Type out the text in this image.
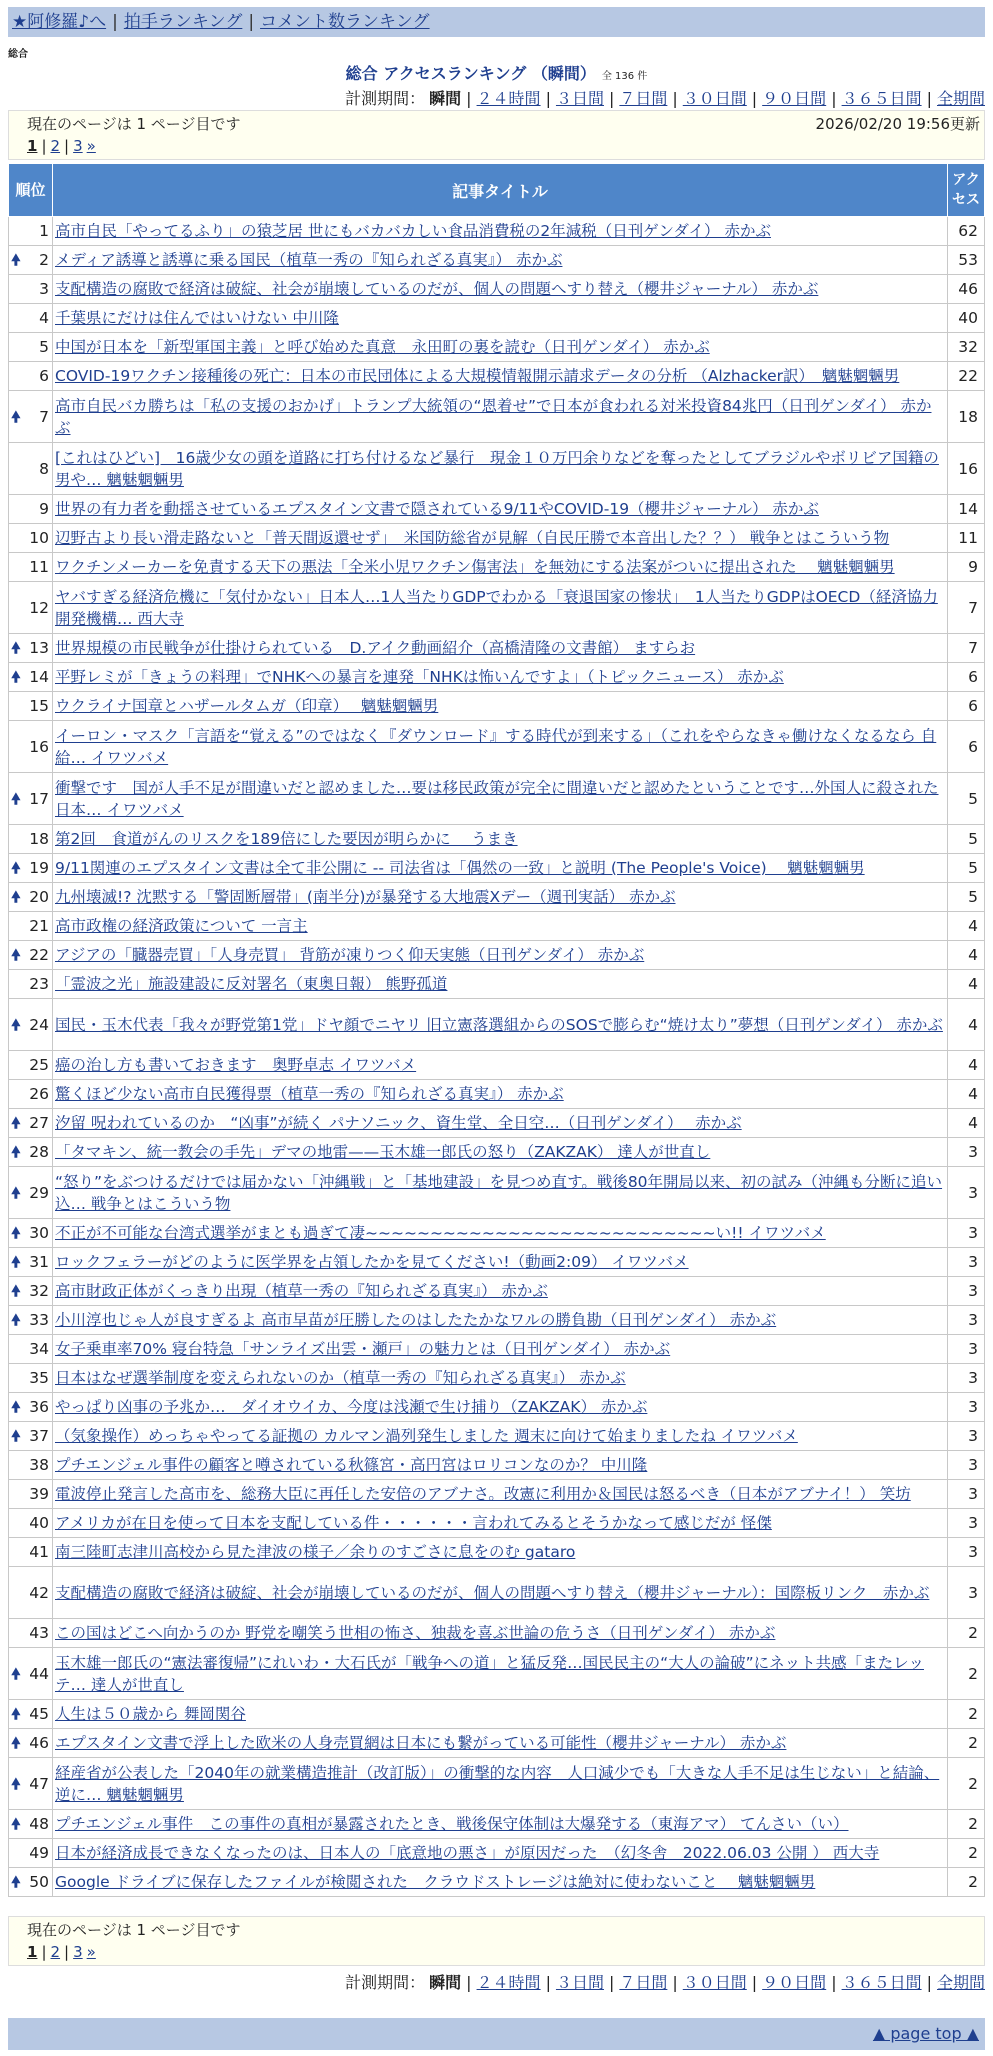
★阿修羅♪へ | 拍手ランキング | コメント数ランキング
総合
総合 アクセスランキング （瞬間） 全 136 件
計測期間： 瞬間 | ２４時間 | ３日間 | ７日間 | ３０日間 | ９０日間 | ３６５日間 | 全期間
現在のページは 1 ページ目です	2026/02/20 19:56更新
1 | 2 | 3 »
順位	記事タイトル	アクセス
1	高市自民「やってるふり」の猿芝居 世にもバカバカしい食品消費税の2年減税（日刊ゲンダイ） 赤かぶ	62

🠝 2	メディア誘導と誘導に乗る国民（植草一秀の『知られざる真実』） 赤かぶ	53
3	支配構造の腐敗で経済は破綻、社会が崩壊しているのだが、個人の問題へすり替え（櫻井ジャーナル） 赤かぶ	46
4	千葉県にだけは住んではいけない 中川隆	40
5	中国が日本を「新型軍国主義」と呼び始めた真意　永田町の裏を読む（日刊ゲンダイ） 赤かぶ	32
6	COVID-19ワクチン接種後の死亡：日本の市民団体による大規模情報開示請求データの分析 （Alzhacker訳）　魑魅魍魎男	22

🠝 7	高市自民バカ勝ちは「私の支援のおかげ」トランプ大統領の“恩着せ”で日本が食われる対米投資84兆円（日刊ゲンダイ） 赤かぶ	18
8	[これはひどい]　16歳少女の頭を道路に打ち付けるなど暴行　現金１０万円余りなどを奪ったとしてブラジルやボリビア国籍の男や… 魑魅魍魎男	16
9	世界の有力者を動揺させているエプスタイン文書で隠されている9/11やCOVID-19（櫻井ジャーナル） 赤かぶ	14
10	辺野古より長い滑走路ないと「普天間返還せず」　米国防総省が見解（自民圧勝で本音出した？？） 戦争とはこういう物	11
11	ワクチンメーカーを免責する天下の悪法「全米小児ワクチン傷害法」を無効にする法案がついに提出された　 魑魅魍魎男	9
12	ヤバすぎる経済危機に「気付かない」日本人…1人当たりGDPでわかる「衰退国家の惨状」　1人当たりGDPはOECD（経済協力開発機構… 西大寺	7

🠝 13	世界規模の市民戦争が仕掛けられている　D.アイク動画紹介（高橋清隆の文書館） ますらお	7

🠝 14	平野レミが「きょうの料理」でNHKへの暴言を連発「NHKは怖いんですよ」（トピックニュース） 赤かぶ	6
15	ウクライナ国章とハザールタムガ（印章）　 魑魅魍魎男	6
16	イーロン・マスク「言語を“覚える”のではなく『ダウンロード』する時代が到来する」（これをやらなきゃ働けなくなるなら 自給… イワツバメ	6

🠝 17	衝撃です　国が人手不足が間違いだと認めました…要は移民政策が完全に間違いだと認めたということです…外国人に殺された日本… イワツバメ	5
18	第2回　食道がんのリスクを189倍にした要因が明らかに　 うまき	5

🠝 19	9/11関連のエプスタイン文書は全て非公開に -- 司法省は「偶然の一致」と説明 (The People's Voice)　 魑魅魍魎男	5

🠝 20	九州壊滅!? 沈黙する「警固断層帯」(南半分)が暴発する大地震Xデー（週刊実話） 赤かぶ	5
21	高市政権の経済政策について 一言主	4

🠝 22	アジアの「臓器売買」「人身売買」 背筋が凍りつく仰天実態（日刊ゲンダイ） 赤かぶ	4
23	「霊波之光」施設建設に反対署名（東奥日報） 熊野孤道	4

🠝 24	国民・玉木代表「我々が野党第1党」ドヤ顔でニヤリ 旧立憲落選組からのSOSで膨らむ“焼け太り”夢想（日刊ゲンダイ） 赤かぶ	4
25	癌の治し方も書いておきます　奥野卓志 イワツバメ	4
26	驚くほど少ない高市自民獲得票（植草一秀の『知られざる真実』） 赤かぶ	4

🠝 27	汐留 呪われているのか　“凶事”が続く パナソニック、資生堂、全日空…（日刊ゲンダイ）　 赤かぶ	4

🠝 28	「タマキン、統一教会の手先」デマの地雷——玉木雄一郎氏の怒り（ZAKZAK） 達人が世直し	3

🠝 29	“怒り”をぶつけるだけでは届かない「沖縄戦」と「基地建設」を見つめ直す。戦後80年開局以来、初の試み（沖縄も分断に追い込… 戦争とはこういう物	3

🠝 30	不正が不可能な台湾式選挙がまとも過ぎて凄~~~~~~~~~~~~~~~~~~~~~~~~~~~い!! イワツバメ	3

🠝 31	ロックフェラーがどのように医学界を占領したかを見てください!（動画2:09） イワツバメ	3

🠝 32	高市財政正体がくっきり出現（植草一秀の『知られざる真実』） 赤かぶ	3

🠝 33	小川淳也じゃ人が良すぎるよ 高市早苗が圧勝したのはしたたかなワルの勝負勘（日刊ゲンダイ） 赤かぶ	3
34	女子乗車率70% 寝台特急「サンライズ出雲・瀬戸」の魅力とは（日刊ゲンダイ） 赤かぶ	3
35	日本はなぜ選挙制度を変えられないのか（植草一秀の『知られざる真実』） 赤かぶ	3

🠝 36	やっぱり凶事の予兆か…　ダイオウイカ、今度は浅瀬で生け捕り（ZAKZAK） 赤かぶ	3

🠝 37	（気象操作）めっちゃやってる証拠の カルマン渦列発生しました 週末に向けて始まりましたね イワツバメ	3
38	プチエンジェル事件の顧客と噂されている秋篠宮・高円宮はロリコンなのか？ 中川隆	3
39	電波停止発言した高市を、総務大臣に再任した安倍のアブナさ。改憲に利用か＆国民は怒るべき（日本がアブナイ！） 笑坊	3
40	アメリカが在日を使って日本を支配している件・・・・・・言われてみるとそうかなって感じだが 怪傑	3
41	南三陸町志津川高校から見た津波の様子／余りのすごさに息をのむ gataro	3
42	支配構造の腐敗で経済は破綻、社会が崩壊しているのだが、個人の問題へすり替え（櫻井ジャーナル）：国際板リンク　赤かぶ	3
43	この国はどこへ向かうのか 野党を嘲笑う世相の怖さ、独裁を喜ぶ世論の危うさ（日刊ゲンダイ） 赤かぶ	2

🠝 44	玉木雄一郎氏の“憲法審復帰”にれいわ・大石氏が「戦争への道」と猛反発…国民民主の“大人の論破”にネット共感「またレッテ… 達人が世直し	2

🠝 45	人生は５０歳から 舞岡関谷	2

🠝 46	エプスタイン文書で浮上した欧米の人身売買網は日本にも繋がっている可能性（櫻井ジャーナル） 赤かぶ	2

🠝 47	経産省が公表した「2040年の就業構造推計（改訂版）」の衝撃的な内容　人口減少でも「大きな人手不足は生じない」と結論、逆に… 魑魅魍魎男	2

🠝 48	プチエンジェル事件　この事件の真相が暴露されたとき、戦後保守体制は大爆発する（東海アマ） てんさい（い）	2
49	日本が経済成長できなくなったのは、日本人の「底意地の悪さ」が原因だった　（幻冬舎　2022.06.03 公開 ） 西大寺	2

🠝 50	Google ドライブに保存したファイルが検閲された　クラウドストレージは絶対に使わないこと　 魑魅魍魎男	2
現在のページは 1 ページ目です
1 | 2 | 3 »
計測期間： 瞬間 | ２４時間 | ３日間 | ７日間 | ３０日間 | ９０日間 | ３６５日間 | 全期間
▲ page top ▲
